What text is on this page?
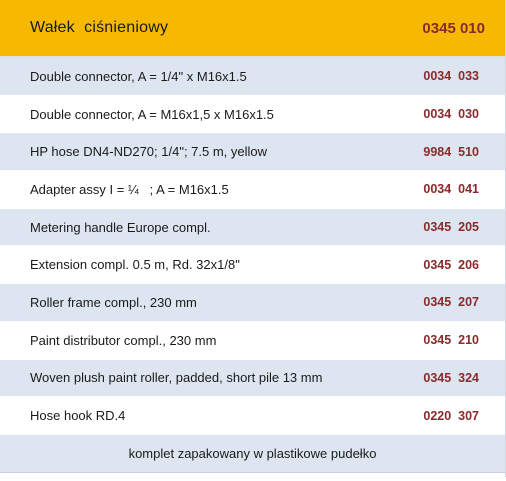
Wałek  ciśnieniowy	0345 010
Double connector, A = 1/4" x M16x1.5	0034  033
Double connector, A = M16x1,5 x M16x1.5	0034  030
HP hose DN4-ND270; 1/4"; 7.5 m, yellow	9984  510
Adapter assy I = ¼   ; A = M16x1.5	0034  041
Metering handle Europe compl.	0345  205
Extension compl. 0.5 m, Rd. 32x1/8"	0345  206
Roller frame compl., 230 mm	0345  207
Paint distributor compl., 230 mm	0345  210
Woven plush paint roller, padded, short pile 13 mm	0345  324
Hose hook RD.4	0220  307
komplet zapakowany w plastikowe pudełko
